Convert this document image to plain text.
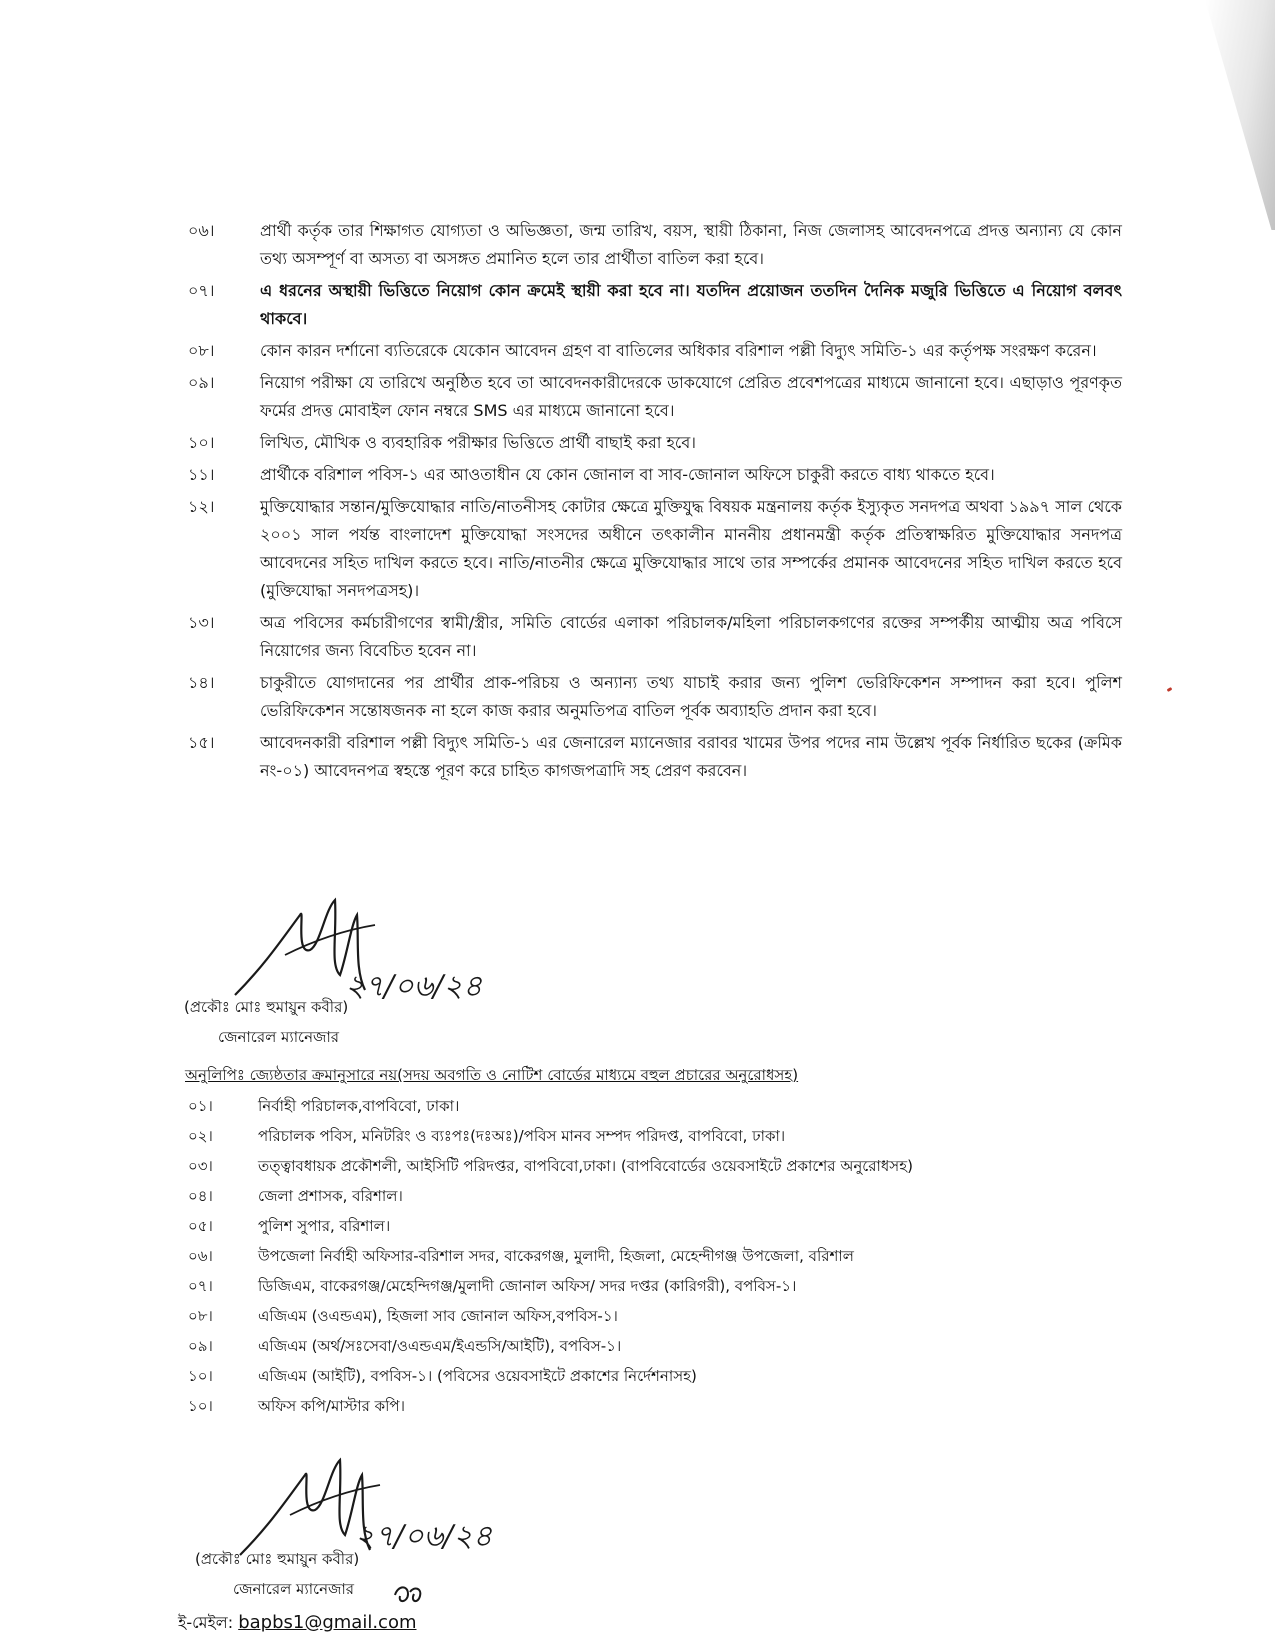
০৬।	প্রার্থী কর্তৃক তার শিক্ষাগত যোগ্যতা ও অভিজ্ঞতা, জন্ম তারিখ, বয়স, স্থায়ী ঠিকানা, নিজ জেলাসহ আবেদনপত্রে প্রদত্ত অন্যান্য যে কোন তথ্য অসম্পূর্ণ বা অসত্য বা অসঙ্গত প্রমানিত হলে তার প্রার্থীতা বাতিল করা হবে।
০৭।	এ ধরনের অস্থায়ী ভিত্তিতে নিয়োগ কোন ক্রমেই স্থায়ী করা হবে না। যতদিন প্রয়োজন ততদিন দৈনিক মজুরি ভিত্তিতে এ নিয়োগ বলবৎ থাকবে।
০৮।	কোন কারন দর্শানো ব্যতিরেকে যেকোন আবেদন গ্রহণ বা বাতিলের অধিকার বরিশাল পল্লী বিদ্যুৎ সমিতি-১ এর কর্তৃপক্ষ সংরক্ষণ করেন।
০৯।	নিয়োগ পরীক্ষা যে তারিখে অনুষ্ঠিত হবে তা আবেদনকারীদেরকে ডাকযোগে প্রেরিত প্রবেশপত্রের মাধ্যমে জানানো হবে। এছাড়াও পূরণকৃত ফর্মের প্রদত্ত মোবাইল ফোন নম্বরে SMS এর মাধ্যমে জানানো হবে।
১০।	লিখিত, মৌখিক ও ব্যবহারিক পরীক্ষার ভিত্তিতে প্রার্থী বাছাই করা হবে।
১১।	প্রার্থীকে বরিশাল পবিস-১ এর আওতাধীন যে কোন জোনাল বা সাব-জোনাল অফিসে চাকুরী করতে বাধ্য থাকতে হবে।
১২।	মুক্তিযোদ্ধার সন্তান/মুক্তিযোদ্ধার নাতি/নাতনীসহ কোটার ক্ষেত্রে মুক্তিযুদ্ধ বিষয়ক মন্ত্রনালয় কর্তৃক ইস্যুকৃত সনদপত্র অথবা ১৯৯৭ সাল থেকে ২০০১ সাল পর্যন্ত বাংলাদেশ মুক্তিযোদ্ধা সংসদের অধীনে তৎকালীন মাননীয় প্রধানমন্ত্রী কর্তৃক প্রতিস্বাক্ষরিত মুক্তিযোদ্ধার সনদপত্র আবেদনের সহিত দাখিল করতে হবে। নাতি/নাতনীর ক্ষেত্রে মুক্তিযোদ্ধার সাথে তার সম্পর্কের প্রমানক আবেদনের সহিত দাখিল করতে হবে (মুক্তিযোদ্ধা সনদপত্রসহ)।
১৩।	অত্র পবিসের কর্মচারীগণের স্বামী/স্ত্রীর, সমিতি বোর্ডের এলাকা পরিচালক/মহিলা পরিচালকগণের রক্তের সম্পর্কীয় আত্মীয় অত্র পবিসে নিয়োগের জন্য বিবেচিত হবেন না।
১৪।	চাকুরীতে যোগদানের পর প্রার্থীর প্রাক-পরিচয় ও অন্যান্য তথ্য যাচাই করার জন্য পুলিশ ভেরিফিকেশন সম্পাদন করা হবে। পুলিশ ভেরিফিকেশন সন্তোষজনক না হলে কাজ করার অনুমতিপত্র বাতিল পূর্বক অব্যাহতি প্রদান করা হবে।
১৫।	আবেদনকারী বরিশাল পল্লী বিদ্যুৎ সমিতি-১ এর জেনারেল ম্যানেজার বরাবর খামের উপর পদের নাম উল্লেখ পূর্বক নির্ধারিত ছকের (ক্রমিক নং-০১) আবেদনপত্র স্বহস্তে পূরণ করে চাহিত কাগজপত্রাদি সহ প্রেরণ করবেন।
২৭/০৬/২৪
(প্রকৌঃ মোঃ হুমায়ুন কবীর)
জেনারেল ম্যানেজার
অনুলিপিঃ জ্যেষ্ঠতার ক্রমানুসারে নয়(সদয় অবগতি ও নোটিশ বোর্ডের মাধ্যমে বহুল প্রচারের অনুরোধসহ)
০১।	নির্বাহী পরিচালক,বাপবিবো, ঢাকা।
০২।	পরিচালক পবিস, মনিটরিং ও ব্যঃপঃ(দঃঅঃ)/পবিস মানব সম্পদ পরিদপ্ত, বাপবিবো, ঢাকা।
০৩।	তত্ত্বাবধায়ক প্রকৌশলী, আইসিটি পরিদপ্তর, বাপবিবো,ঢাকা। (বাপবিবোর্ডের ওয়েবসাইটে প্রকাশের অনুরোধসহ)
০৪।	জেলা প্রশাসক, বরিশাল।
০৫।	পুলিশ সুপার, বরিশাল।
০৬।	উপজেলা নির্বাহী অফিসার-বরিশাল সদর, বাকেরগঞ্জ, মুলাদী, হিজলা, মেহেন্দীগঞ্জ উপজেলা, বরিশাল
০৭।	ডিজিএম, বাকেরগঞ্জ/মেহেন্দিগঞ্জ/মুলাদী জোনাল অফিস/ সদর দপ্তর (কারিগরী), বপবিস-১।
০৮।	এজিএম (ওএন্ডএম), হিজলা সাব জোনাল অফিস,বপবিস-১।
০৯।	এজিএম (অর্থ/সঃসেবা/ওএন্ডএম/ইএন্ডসি/আইটি), বপবিস-১।
১০।	এজিএম (আইটি), বপবিস-১। (পবিসের ওয়েবসাইটে প্রকাশের নির্দেশনাসহ)
১০।	অফিস কপি/মাস্টার কপি।
২৭/০৬/২৪
(প্রকৌঃ মোঃ হুমায়ুন কবীর)
জেনারেল ম্যানেজার
ই-মেইল: bapbs1@gmail.com
